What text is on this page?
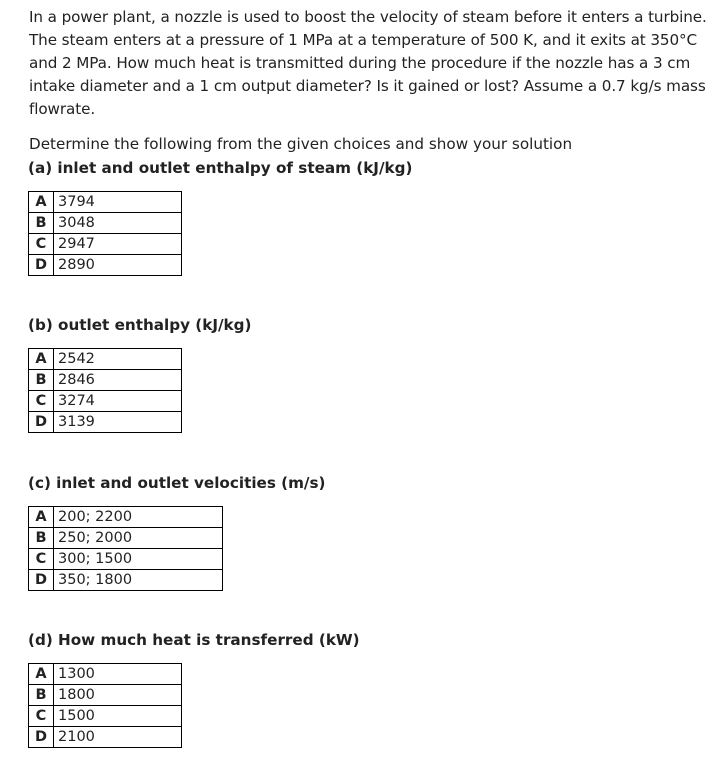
In a power plant, a nozzle is used to boost the velocity of steam before it enters a turbine. The steam enters at a pressure of 1 MPa at a temperature of 500 K, and it exits at 350°C and 2 MPa. How much heat is transmitted during the procedure if the nozzle has a 3 cm intake diameter and a 1 cm output diameter? Is it gained or lost? Assume a 0.7 kg/s mass flowrate.

Determine the following from the given choices and show your solution

(a) inlet and outlet enthalpy of steam (kJ/kg)

A	3794
B	3048
C	2947
D	2890

(b) outlet enthalpy (kJ/kg)

A	2542
B	2846
C	3274
D	3139

(c) inlet and outlet velocities (m/s)

A	200; 2200
B	250; 2000
C	300; 1500
D	350; 1800

(d) How much heat is transferred (kW)

A	1300
B	1800
C	1500
D	2100
